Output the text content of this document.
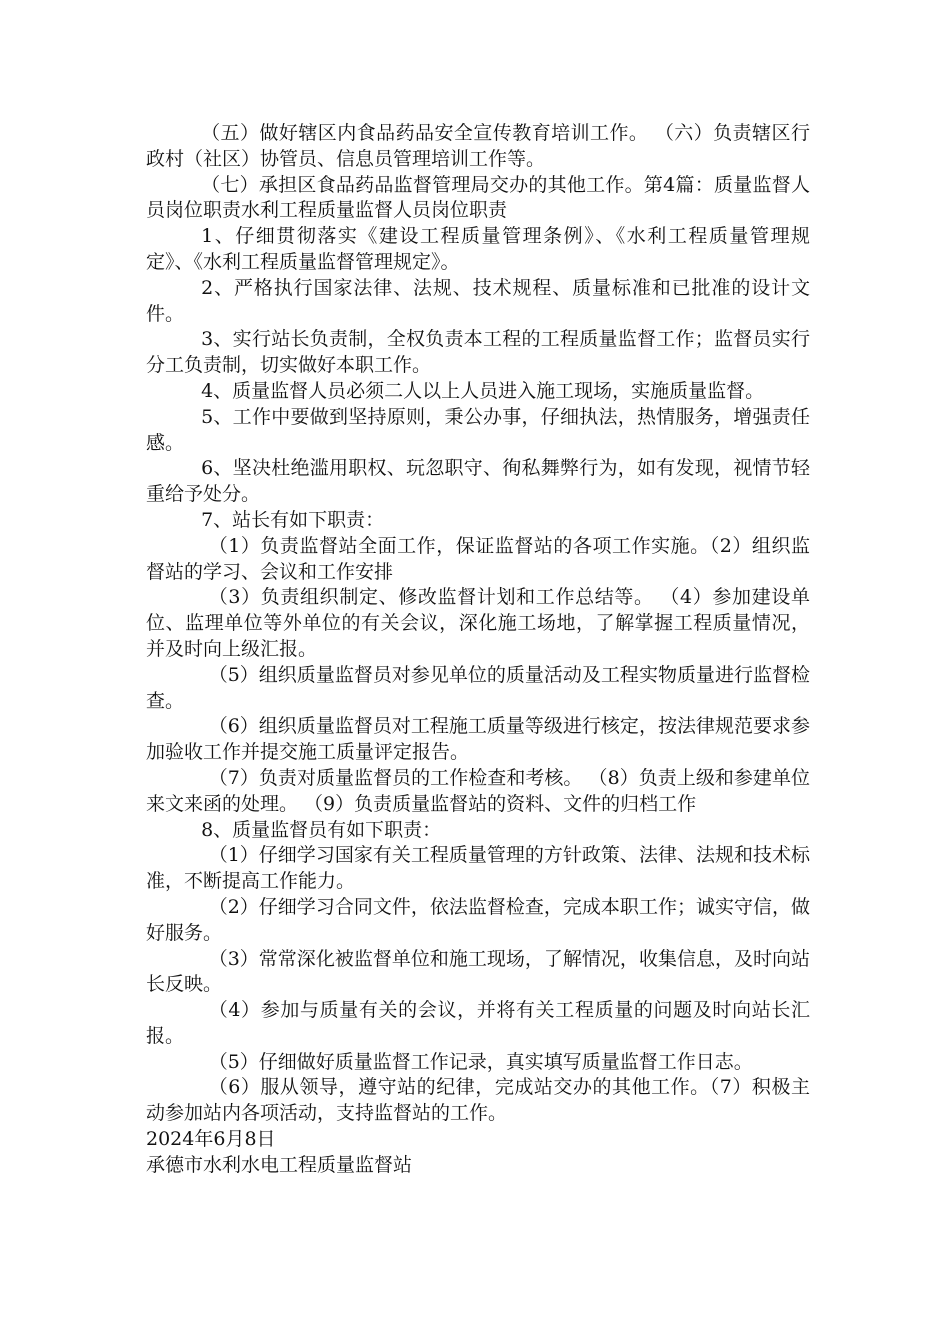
（五）做好辖区内食品药品安全宣传教育培训工作。 （六）负责辖区行政村（社区）协管员、信息员管理培训工作等。

（七）承担区食品药品监督管理局交办的其他工作。第4篇：质量监督人员岗位职责水利工程质量监督人员岗位职责

1、仔细贯彻落实《建设工程质量管理条例》、《水利工程质量管理规定》、《水利工程质量监督管理规定》。

2、严格执行国家法律、法规、技术规程、质量标准和已批准的设计文件。

3、实行站长负责制，全权负责本工程的工程质量监督工作；监督员实行分工负责制，切实做好本职工作。

4、质量监督人员必须二人以上人员进入施工现场，实施质量监督。

5、工作中要做到坚持原则，秉公办事，仔细执法，热情服务，增强责任感。

6、坚决杜绝滥用职权、玩忽职守、徇私舞弊行为，如有发现，视情节轻重给予处分。

7、站长有如下职责：

（1）负责监督站全面工作，保证监督站的各项工作实施。（2）组织监督站的学习、会议和工作安排

（3）负责组织制定、修改监督计划和工作总结等。 （4）参加建设单位、监理单位等外单位的有关会议，深化施工场地，了解掌握工程质量情况，并及时向上级汇报。

（5）组织质量监督员对参见单位的质量活动及工程实物质量进行监督检查。

（6）组织质量监督员对工程施工质量等级进行核定，按法律规范要求参加验收工作并提交施工质量评定报告。

（7）负责对质量监督员的工作检查和考核。 （8）负责上级和参建单位来文来函的处理。 （9）负责质量监督站的资料、文件的归档工作

8、质量监督员有如下职责：

（1）仔细学习国家有关工程质量管理的方针政策、法律、法规和技术标准，不断提高工作能力。

（2）仔细学习合同文件，依法监督检查，完成本职工作；诚实守信，做好服务。

（3）常常深化被监督单位和施工现场，了解情况，收集信息，及时向站长反映。

（4）参加与质量有关的会议，并将有关工程质量的问题及时向站长汇报。

（5）仔细做好质量监督工作记录，真实填写质量监督工作日志。

（6）服从领导，遵守站的纪律，完成站交办的其他工作。（7）积极主动参加站内各项活动，支持监督站的工作。

2024年6月8日

承德市水利水电工程质量监督站
